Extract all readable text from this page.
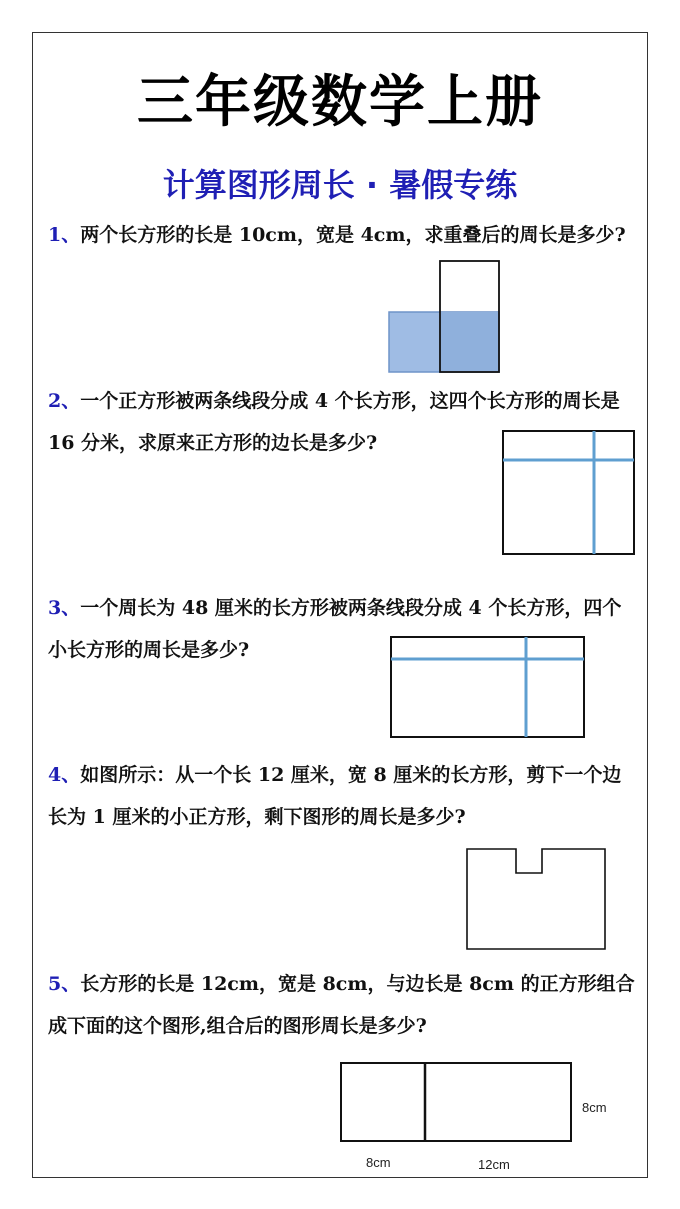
三年级数学上册
计算图形周长 · 暑假专练
1、两个长方形的长是 10cm，宽是 4cm，求重叠后的周长是多少?
2、一个正方形被两条线段分成 4 个长方形，这四个长方形的周长是 16 分米，求原来正方形的边长是多少?
3、一个周长为 48 厘米的长方形被两条线段分成 4 个长方形，四个小长方形的周长是多少?
4、如图所示：从一个长 12 厘米，宽 8 厘米的长方形，剪下一个边长为 1 厘米的小正方形，剩下图形的周长是多少?
5、长方形的长是 12cm，宽是 8cm，与边长是 8cm 的正方形组合成下面的这个图形,组合后的图形周长是多少?
8cm
8cm	12cm
